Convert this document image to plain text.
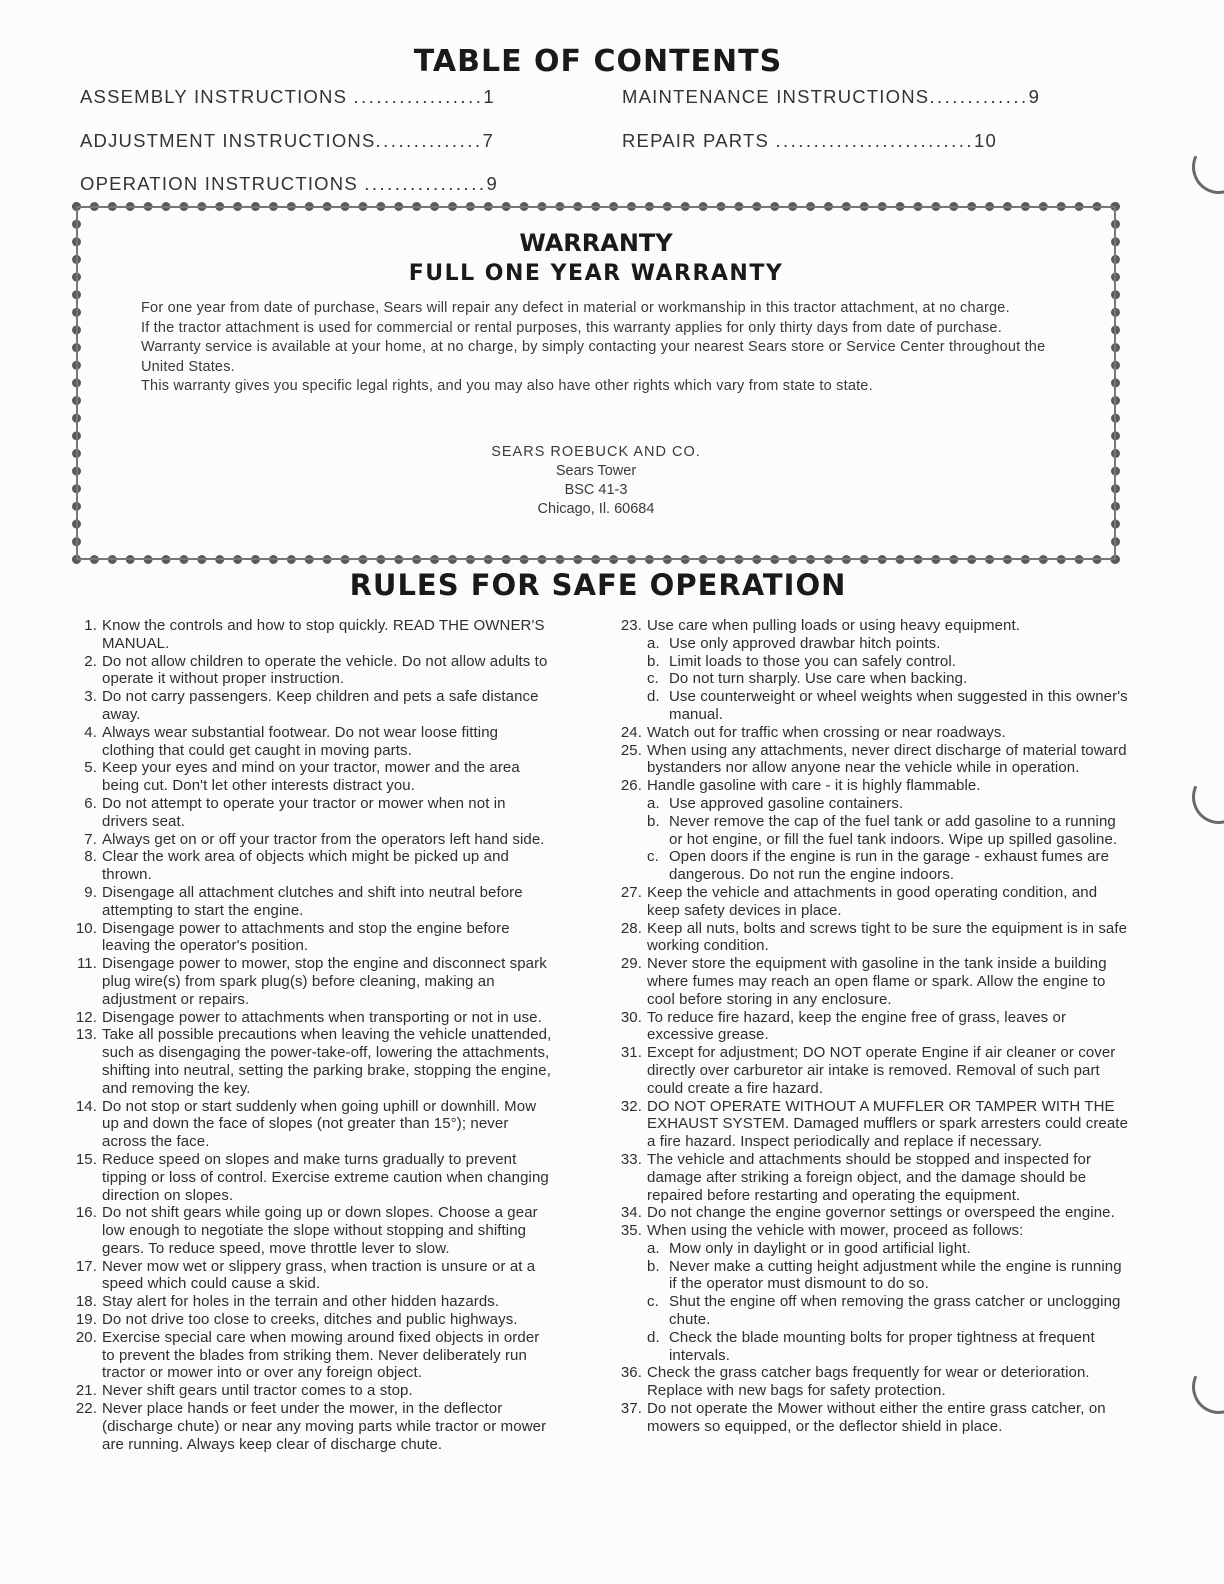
TABLE OF CONTENTS
ASSEMBLY INSTRUCTIONS .................1
ADJUSTMENT INSTRUCTIONS..............7
OPERATION INSTRUCTIONS ................9
MAINTENANCE INSTRUCTIONS.............9
REPAIR PARTS ..........................10
WARRANTY
FULL ONE YEAR WARRANTY

For one year from date of purchase, Sears will repair any defect in material or workmanship in this tractor attachment, at no charge.

If the tractor attachment is used for commercial or rental purposes, this warranty applies for only thirty days from date of purchase.

Warranty service is available at your home, at no charge, by simply contacting your nearest Sears store or Service Center throughout the United States.

This warranty gives you specific legal rights, and you may also have other rights which vary from state to state.

SEARS ROEBUCK AND CO.
Sears Tower
BSC 41-3
Chicago, Il. 60684
RULES FOR SAFE OPERATION
1. Know the controls and how to stop quickly. READ THE OWNER'S MANUAL.
2. Do not allow children to operate the vehicle. Do not allow adults to operate it without proper instruction.
3. Do not carry passengers. Keep children and pets a safe distance away.
4. Always wear substantial footwear. Do not wear loose fitting clothing that could get caught in moving parts.
5. Keep your eyes and mind on your tractor, mower and the area being cut. Don't let other interests distract you.
6. Do not attempt to operate your tractor or mower when not in drivers seat.
7. Always get on or off your tractor from the operators left hand side.
8. Clear the work area of objects which might be picked up and thrown.
9. Disengage all attachment clutches and shift into neutral before attempting to start the engine.
10. Disengage power to attachments and stop the engine before leaving the operator's position.
11. Disengage power to mower, stop the engine and disconnect spark plug wire(s) from spark plug(s) before cleaning, making an adjustment or repairs.
12. Disengage power to attachments when transporting or not in use.
13. Take all possible precautions when leaving the vehicle unattended, such as disengaging the power-take-off, lowering the attachments, shifting into neutral, setting the parking brake, stopping the engine, and removing the key.
14. Do not stop or start suddenly when going uphill or downhill. Mow up and down the face of slopes (not greater than 15°); never across the face.
15. Reduce speed on slopes and make turns gradually to prevent tipping or loss of control. Exercise extreme caution when changing direction on slopes.
16. Do not shift gears while going up or down slopes. Choose a gear low enough to negotiate the slope without stopping and shifting gears. To reduce speed, move throttle lever to slow.
17. Never mow wet or slippery grass, when traction is unsure or at a speed which could cause a skid.
18. Stay alert for holes in the terrain and other hidden hazards.
19. Do not drive too close to creeks, ditches and public highways.
20. Exercise special care when mowing around fixed objects in order to prevent the blades from striking them. Never deliberately run tractor or mower into or over any foreign object.
21. Never shift gears until tractor comes to a stop.
22. Never place hands or feet under the mower, in the deflector (discharge chute) or near any moving parts while tractor or mower are running. Always keep clear of discharge chute.
23. Use care when pulling loads or using heavy equipment.
a. Use only approved drawbar hitch points.
b. Limit loads to those you can safely control.
c. Do not turn sharply. Use care when backing.
d. Use counterweight or wheel weights when suggested in this owner's manual.
24. Watch out for traffic when crossing or near roadways.
25. When using any attachments, never direct discharge of material toward bystanders nor allow anyone near the vehicle while in operation.
26. Handle gasoline with care - it is highly flammable.
a. Use approved gasoline containers.
b. Never remove the cap of the fuel tank or add gasoline to a running or hot engine, or fill the fuel tank indoors. Wipe up spilled gasoline.
c. Open doors if the engine is run in the garage - exhaust fumes are dangerous. Do not run the engine indoors.
27. Keep the vehicle and attachments in good operating condition, and keep safety devices in place.
28. Keep all nuts, bolts and screws tight to be sure the equipment is in safe working condition.
29. Never store the equipment with gasoline in the tank inside a building where fumes may reach an open flame or spark. Allow the engine to cool before storing in any enclosure.
30. To reduce fire hazard, keep the engine free of grass, leaves or excessive grease.
31. Except for adjustment; DO NOT operate Engine if air cleaner or cover directly over carburetor air intake is removed. Removal of such part could create a fire hazard.
32. DO NOT OPERATE WITHOUT A MUFFLER OR TAMPER WITH THE EXHAUST SYSTEM. Damaged mufflers or spark arresters could create a fire hazard. Inspect periodically and replace if necessary.
33. The vehicle and attachments should be stopped and inspected for damage after striking a foreign object, and the damage should be repaired before restarting and operating the equipment.
34. Do not change the engine governor settings or overspeed the engine.
35. When using the vehicle with mower, proceed as follows:
a. Mow only in daylight or in good artificial light.
b. Never make a cutting height adjustment while the engine is running if the operator must dismount to do so.
c. Shut the engine off when removing the grass catcher or unclogging chute.
d. Check the blade mounting bolts for proper tightness at frequent intervals.
36. Check the grass catcher bags frequently for wear or deterioration. Replace with new bags for safety protection.
37. Do not operate the Mower without either the entire grass catcher, on mowers so equipped, or the deflector shield in place.
